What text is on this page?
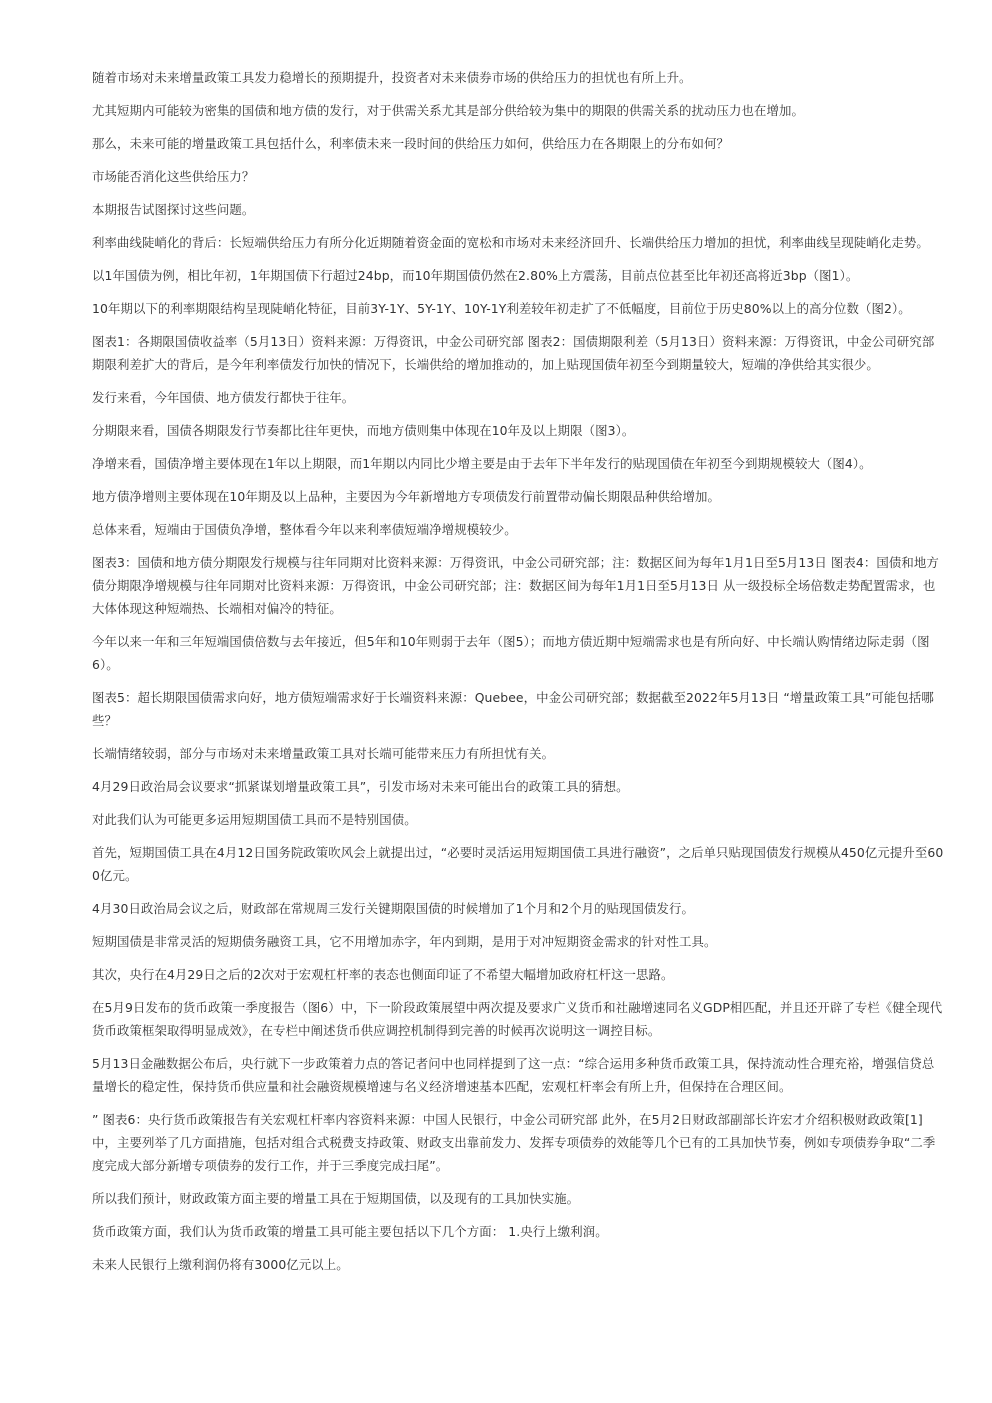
随着市场对未来增量政策工具发力稳增长的预期提升，投资者对未来债券市场的供给压力的担忧也有所上升。

尤其短期内可能较为密集的国债和地方债的发行，对于供需关系尤其是部分供给较为集中的期限的供需关系的扰动压力也在增加。

那么，未来可能的增量政策工具包括什么，利率债未来一段时间的供给压力如何，供给压力在各期限上的分布如何？

市场能否消化这些供给压力？

本期报告试图探讨这些问题。

利率曲线陡峭化的背后：长短端供给压力有所分化近期随着资金面的宽松和市场对未来经济回升、长端供给压力增加的担忧，利率曲线呈现陡峭化走势。

以1年国债为例，相比年初，1年期国债下行超过24bp，而10年期国债仍然在2.80%上方震荡，目前点位甚至比年初还高将近3bp（图1）。

10年期以下的利率期限结构呈现陡峭化特征，目前3Y-1Y、5Y-1Y、10Y-1Y利差较年初走扩了不低幅度，目前位于历史80%以上的高分位数（图2）。

图表1：各期限国债收益率（5月13日）资料来源：万得资讯，中金公司研究部 图表2：国债期限利差（5月13日）资料来源：万得资讯，中金公司研究部 期限利差扩大的背后，是今年利率债发行加快的情况下，长端供给的增加推动的，加上贴现国债年初至今到期量较大，短端的净供给其实很少。

发行来看，今年国债、地方债发行都快于往年。

分期限来看，国债各期限发行节奏都比往年更快，而地方债则集中体现在10年及以上期限（图3）。

净增来看，国债净增主要体现在1年以上期限，而1年期以内同比少增主要是由于去年下半年发行的贴现国债在年初至今到期规模较大（图4）。

地方债净增则主要体现在10年期及以上品种，主要因为今年新增地方专项债发行前置带动偏长期限品种供给增加。

总体来看，短端由于国债负净增，整体看今年以来利率债短端净增规模较少。

图表3：国债和地方债分期限发行规模与往年同期对比资料来源：万得资讯，中金公司研究部；注：数据区间为每年1月1日至5月13日 图表4：国债和地方债分期限净增规模与往年同期对比资料来源：万得资讯，中金公司研究部；注：数据区间为每年1月1日至5月13日 从一级投标全场倍数走势配置需求，也大体体现这种短端热、长端相对偏冷的特征。

今年以来一年和三年短端国债倍数与去年接近，但5年和10年则弱于去年（图5）；而地方债近期中短端需求也是有所向好、中长端认购情绪边际走弱（图6）。

图表5：超长期限国债需求向好，地方债短端需求好于长端资料来源：Quebee，中金公司研究部；数据截至2022年5月13日 “增量政策工具”可能包括哪些？

长端情绪较弱，部分与市场对未来增量政策工具对长端可能带来压力有所担忧有关。

4月29日政治局会议要求“抓紧谋划增量政策工具”，引发市场对未来可能出台的政策工具的猜想。

对此我们认为可能更多运用短期国债工具而不是特别国债。

首先，短期国债工具在4月12日国务院政策吹风会上就提出过，“必要时灵活运用短期国债工具进行融资”，之后单只贴现国债发行规模从450亿元提升至600亿元。

4月30日政治局会议之后，财政部在常规周三发行关键期限国债的时候增加了1个月和2个月的贴现国债发行。

短期国债是非常灵活的短期债务融资工具，它不用增加赤字，年内到期，是用于对冲短期资金需求的针对性工具。

其次，央行在4月29日之后的2次对于宏观杠杆率的表态也侧面印证了不希望大幅增加政府杠杆这一思路。

在5月9日发布的货币政策一季度报告（图6）中，下一阶段政策展望中两次提及要求广义货币和社融增速同名义GDP相匹配，并且还开辟了专栏《健全现代货币政策框架取得明显成效》，在专栏中阐述货币供应调控机制得到完善的时候再次说明这一调控目标。

5月13日金融数据公布后，央行就下一步政策着力点的答记者问中也同样提到了这一点：“综合运用多种货币政策工具，保持流动性合理充裕，增强信贷总量增长的稳定性，保持货币供应量和社会融资规模增速与名义经济增速基本匹配，宏观杠杆率会有所上升，但保持在合理区间。

” 图表6：央行货币政策报告有关宏观杠杆率内容资料来源：中国人民银行，中金公司研究部 此外，在5月2日财政部副部长许宏才介绍积极财政政策[1]中，主要列举了几方面措施，包括对组合式税费支持政策、财政支出靠前发力、发挥专项债券的效能等几个已有的工具加快节奏，例如专项债券争取“二季度完成大部分新增专项债券的发行工作，并于三季度完成扫尾”。

所以我们预计，财政政策方面主要的增量工具在于短期国债，以及现有的工具加快实施。

货币政策方面，我们认为货币政策的增量工具可能主要包括以下几个方面： 1.央行上缴利润。

未来人民银行上缴利润仍将有3000亿元以上。
